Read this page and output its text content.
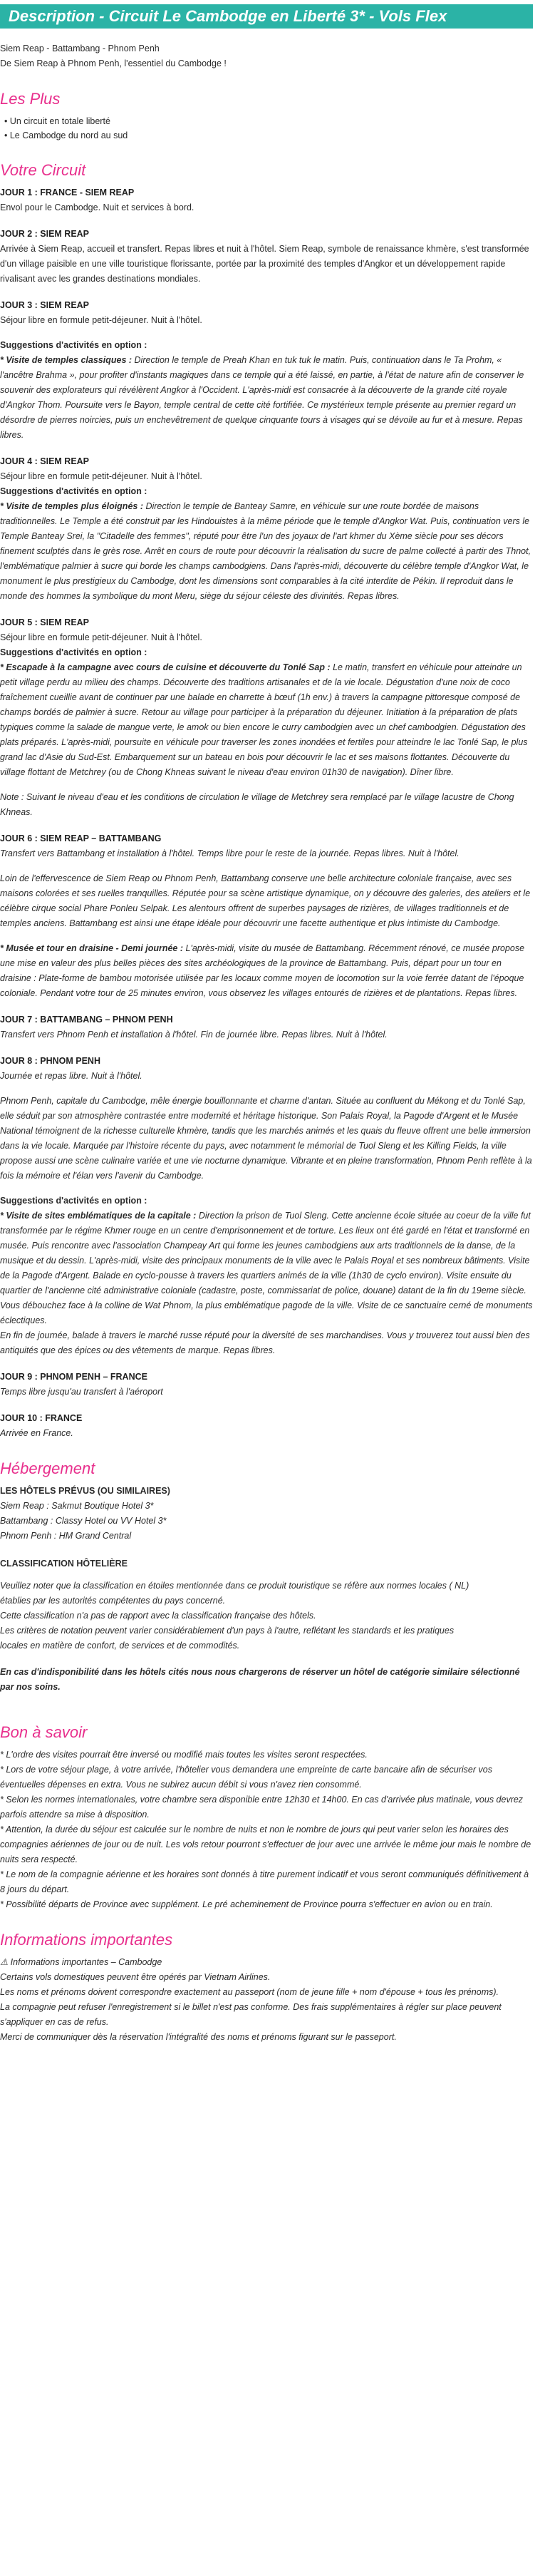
Description - Circuit Le Cambodge en Liberté 3* - Vols Flex
Siem Reap - Battambang - Phnom Penh
De Siem Reap à Phnom Penh, l'essentiel du Cambodge !
Les Plus
• Un circuit en totale liberté
• Le Cambodge du nord au sud
Votre Circuit
JOUR 1 : FRANCE - SIEM REAP
Envol pour le Cambodge. Nuit et services à bord.
JOUR 2 : SIEM REAP
Arrivée à Siem Reap, accueil et transfert. Repas libres et nuit à l'hôtel. Siem Reap, symbole de renaissance khmère, s'est transformée d'un village paisible en une ville touristique florissante, portée par la proximité des temples d'Angkor et un développement rapide rivalisant avec les grandes destinations mondiales.
JOUR 3 : SIEM REAP
Séjour libre en formule petit-déjeuner. Nuit à l'hôtel.
Suggestions d'activités en option :

* Visite de temples classiques : Direction le temple de Preah Khan en tuk tuk le matin. Puis, continuation dans le Ta Prohm, « l'ancêtre Brahma », pour profiter d'instants magiques dans ce temple qui a été laissé, en partie, à l'état de nature afin de conserver le souvenir des explorateurs qui révélèrent Angkor à l'Occident. L'après-midi est consacrée à la découverte de la grande cité royale d'Angkor Thom. Poursuite vers le Bayon, temple central de cette cité fortifiée. Ce mystérieux temple présente au premier regard un désordre de pierres noircies, puis un enchevêtrement de quelque cinquante tours à visages qui se dévoile au fur et à mesure. Repas libres.

JOUR 4 : SIEM REAP
Séjour libre en formule petit-déjeuner. Nuit à l'hôtel.
Suggestions d'activités en option :

* Visite de temples plus éloignés : Direction le temple de Banteay Samre, en véhicule sur une route bordée de maisons traditionnelles. Le Temple a été construit par les Hindouistes à la même période que le temple d'Angkor Wat. Puis, continuation vers le Temple Banteay Srei, la "Citadelle des femmes", réputé pour être l'un des joyaux de l'art khmer du Xème siècle pour ses décors finement sculptés dans le grès rose. Arrêt en cours de route pour découvrir la réalisation du sucre de palme collecté à partir des Thnot, l'emblématique palmier à sucre qui borde les champs cambodgiens. Dans l'après-midi, découverte du célèbre temple d'Angkor Wat, le monument le plus prestigieux du Cambodge, dont les dimensions sont comparables à la cité interdite de Pékin. Il reproduit dans le monde des hommes la symbolique du mont Meru, siège du séjour céleste des divinités. Repas libres.

JOUR 5 : SIEM REAP
Séjour libre en formule petit-déjeuner. Nuit à l'hôtel.
Suggestions d'activités en option :

* Escapade à la campagne avec cours de cuisine et découverte du Tonlé Sap : Le matin, transfert en véhicule pour atteindre un petit village perdu au milieu des champs. Découverte des traditions artisanales et de la vie locale. Dégustation d'une noix de coco fraîchement cueillie avant de continuer par une balade en charrette à bœuf (1h env.) à travers la campagne pittoresque composé de champs bordés de palmier à sucre. Retour au village pour participer à la préparation du déjeuner. Initiation à la préparation de plats typiques comme la salade de mangue verte, le amok ou bien encore le curry cambodgien avec un chef cambodgien. Dégustation des plats préparés. L'après-midi, poursuite en véhicule pour traverser les zones inondées et fertiles pour atteindre le lac Tonlé Sap, le plus grand lac d'Asie du Sud-Est. Embarquement sur un bateau en bois pour découvrir le lac et ses maisons flottantes. Découverte du village flottant de Metchrey (ou de Chong Khneas suivant le niveau d'eau environ 01h30 de navigation). Dîner libre.

Note : Suivant le niveau d'eau et les conditions de circulation le village de Metchrey sera remplacé par le village lacustre de Chong Khneas.
JOUR 6 : SIEM REAP – BATTAMBANG
Transfert vers Battambang et installation à l'hôtel. Temps libre pour le reste de la journée. Repas libres. Nuit à l'hôtel.
Loin de l'effervescence de Siem Reap ou Phnom Penh, Battambang conserve une belle architecture coloniale française, avec ses maisons colorées et ses ruelles tranquilles. Réputée pour sa scène artistique dynamique, on y découvre des galeries, des ateliers et le célèbre cirque social Phare Ponleu Selpak. Les alentours offrent de superbes paysages de rizières, de villages traditionnels et de temples anciens. Battambang est ainsi une étape idéale pour découvrir une facette authentique et plus intimiste du Cambodge.

* Musée et tour en draisine - Demi journée : L'après-midi, visite du musée de Battambang. Récemment rénové, ce musée propose une mise en valeur des plus belles pièces des sites archéologiques de la province de Battambang. Puis, départ pour un tour en draisine : Plate-forme de bambou motorisée utilisée par les locaux comme moyen de locomotion sur la voie ferrée datant de l'époque coloniale. Pendant votre tour de 25 minutes environ, vous observez les villages entourés de rizières et de plantations. Repas libres.

JOUR 7 : BATTAMBANG – PHNOM PENH
Transfert vers Phnom Penh et installation à l'hôtel. Fin de journée libre. Repas libres. Nuit à l'hôtel.
JOUR 8 : PHNOM PENH
Journée et repas libre. Nuit à l'hôtel.
Phnom Penh, capitale du Cambodge, mêle énergie bouillonnante et charme d'antan. Située au confluent du Mékong et du Tonlé Sap, elle séduit par son atmosphère contrastée entre modernité et héritage historique. Son Palais Royal, la Pagode d'Argent et le Musée National témoignent de la richesse culturelle khmère, tandis que les marchés animés et les quais du fleuve offrent une belle immersion dans la vie locale. Marquée par l'histoire récente du pays, avec notamment le mémorial de Tuol Sleng et les Killing Fields, la ville propose aussi une scène culinaire variée et une vie nocturne dynamique. Vibrante et en pleine transformation, Phnom Penh reflète à la fois la mémoire et l'élan vers l'avenir du Cambodge.
Suggestions d'activités en option :

* Visite de sites emblématiques de la capitale : Direction la prison de Tuol Sleng. Cette ancienne école située au coeur de la ville fut transformée par le régime Khmer rouge en un centre d'emprisonnement et de torture. Les lieux ont été gardé en l'état et transformé en musée. Puis rencontre avec l'association Champeay Art qui forme les jeunes cambodgiens aux arts traditionnels de la danse, de la musique et du dessin. L'après-midi, visite des principaux monuments de la ville avec le Palais Royal et ses nombreux bâtiments. Visite de la Pagode d'Argent. Balade en cyclo-pousse à travers les quartiers animés de la ville (1h30 de cyclo environ). Visite ensuite du quartier de l'ancienne cité administrative coloniale (cadastre, poste, commissariat de police, douane) datant de la fin du 19eme siècle. Vous débouchez face à la colline de Wat Phnom, la plus emblématique pagode de la ville. Visite de ce sanctuaire cerné de monuments éclectiques.

En fin de journée, balade à travers le marché russe réputé pour la diversité de ses marchandises. Vous y trouverez tout aussi bien des antiquités que des épices ou des vêtements de marque. Repas libres.

JOUR 9 : PHNOM PENH – FRANCE
Temps libre jusqu'au transfert à l'aéroport
JOUR 10 : FRANCE
Arrivée en France.
Hébergement

LES HÔTELS PRÉVUS (OU SIMILAIRES)

Siem Reap : Sakmut Boutique Hotel 3*

Battambang : Classy Hotel ou VV Hotel 3*

Phnom Penh : HM Grand Central

CLASSIFICATION HÔTELIÈRE

Veuillez noter que la classification en étoiles mentionnée dans ce produit touristique se réfère aux normes locales ( NL)

établies par les autorités compétentes du pays concerné.

Cette classification n'a pas de rapport avec la classification française des hôtels.

Les critères de notation peuvent varier considérablement d'un pays à l'autre, reflétant les standards et les pratiques

locales en matière de confort, de services et de commodités.

En cas d'indisponibilité dans les hôtels cités nous nous chargerons de réserver un hôtel de catégorie similaire sélectionné par nos soins.
Bon à savoir

* L'ordre des visites pourrait être inversé ou modifié mais toutes les visites seront respectées.

* Lors de votre séjour plage, à votre arrivée, l'hôtelier vous demandera une empreinte de carte bancaire afin de sécuriser vos éventuelles dépenses en extra. Vous ne subirez aucun débit si vous n'avez rien consommé.

* Selon les normes internationales, votre chambre sera disponible entre 12h30 et 14h00. En cas d'arrivée plus matinale, vous devrez parfois attendre sa mise à disposition.

* Attention, la durée du séjour est calculée sur le nombre de nuits et non le nombre de jours qui peut varier selon les horaires des compagnies aériennes de jour ou de nuit. Les vols retour pourront s'effectuer de jour avec une arrivée le même jour mais le nombre de nuits sera respecté.

* Le nom de la compagnie aérienne et les horaires sont donnés à titre purement indicatif et vous seront communiqués définitivement à 8 jours du départ.

* Possibilité départs de Province avec supplément. Le pré acheminement de Province pourra s'effectuer en avion ou en train.

Informations importantes

⚠ Informations importantes – Cambodge

Certains vols domestiques peuvent être opérés par Vietnam Airlines.

Les noms et prénoms doivent correspondre exactement au passeport (nom de jeune fille + nom d'épouse + tous les prénoms).

La compagnie peut refuser l'enregistrement si le billet n'est pas conforme. Des frais supplémentaires à régler sur place peuvent s'appliquer en cas de refus.

Merci de communiquer dès la réservation l'intégralité des noms et prénoms figurant sur le passeport.
